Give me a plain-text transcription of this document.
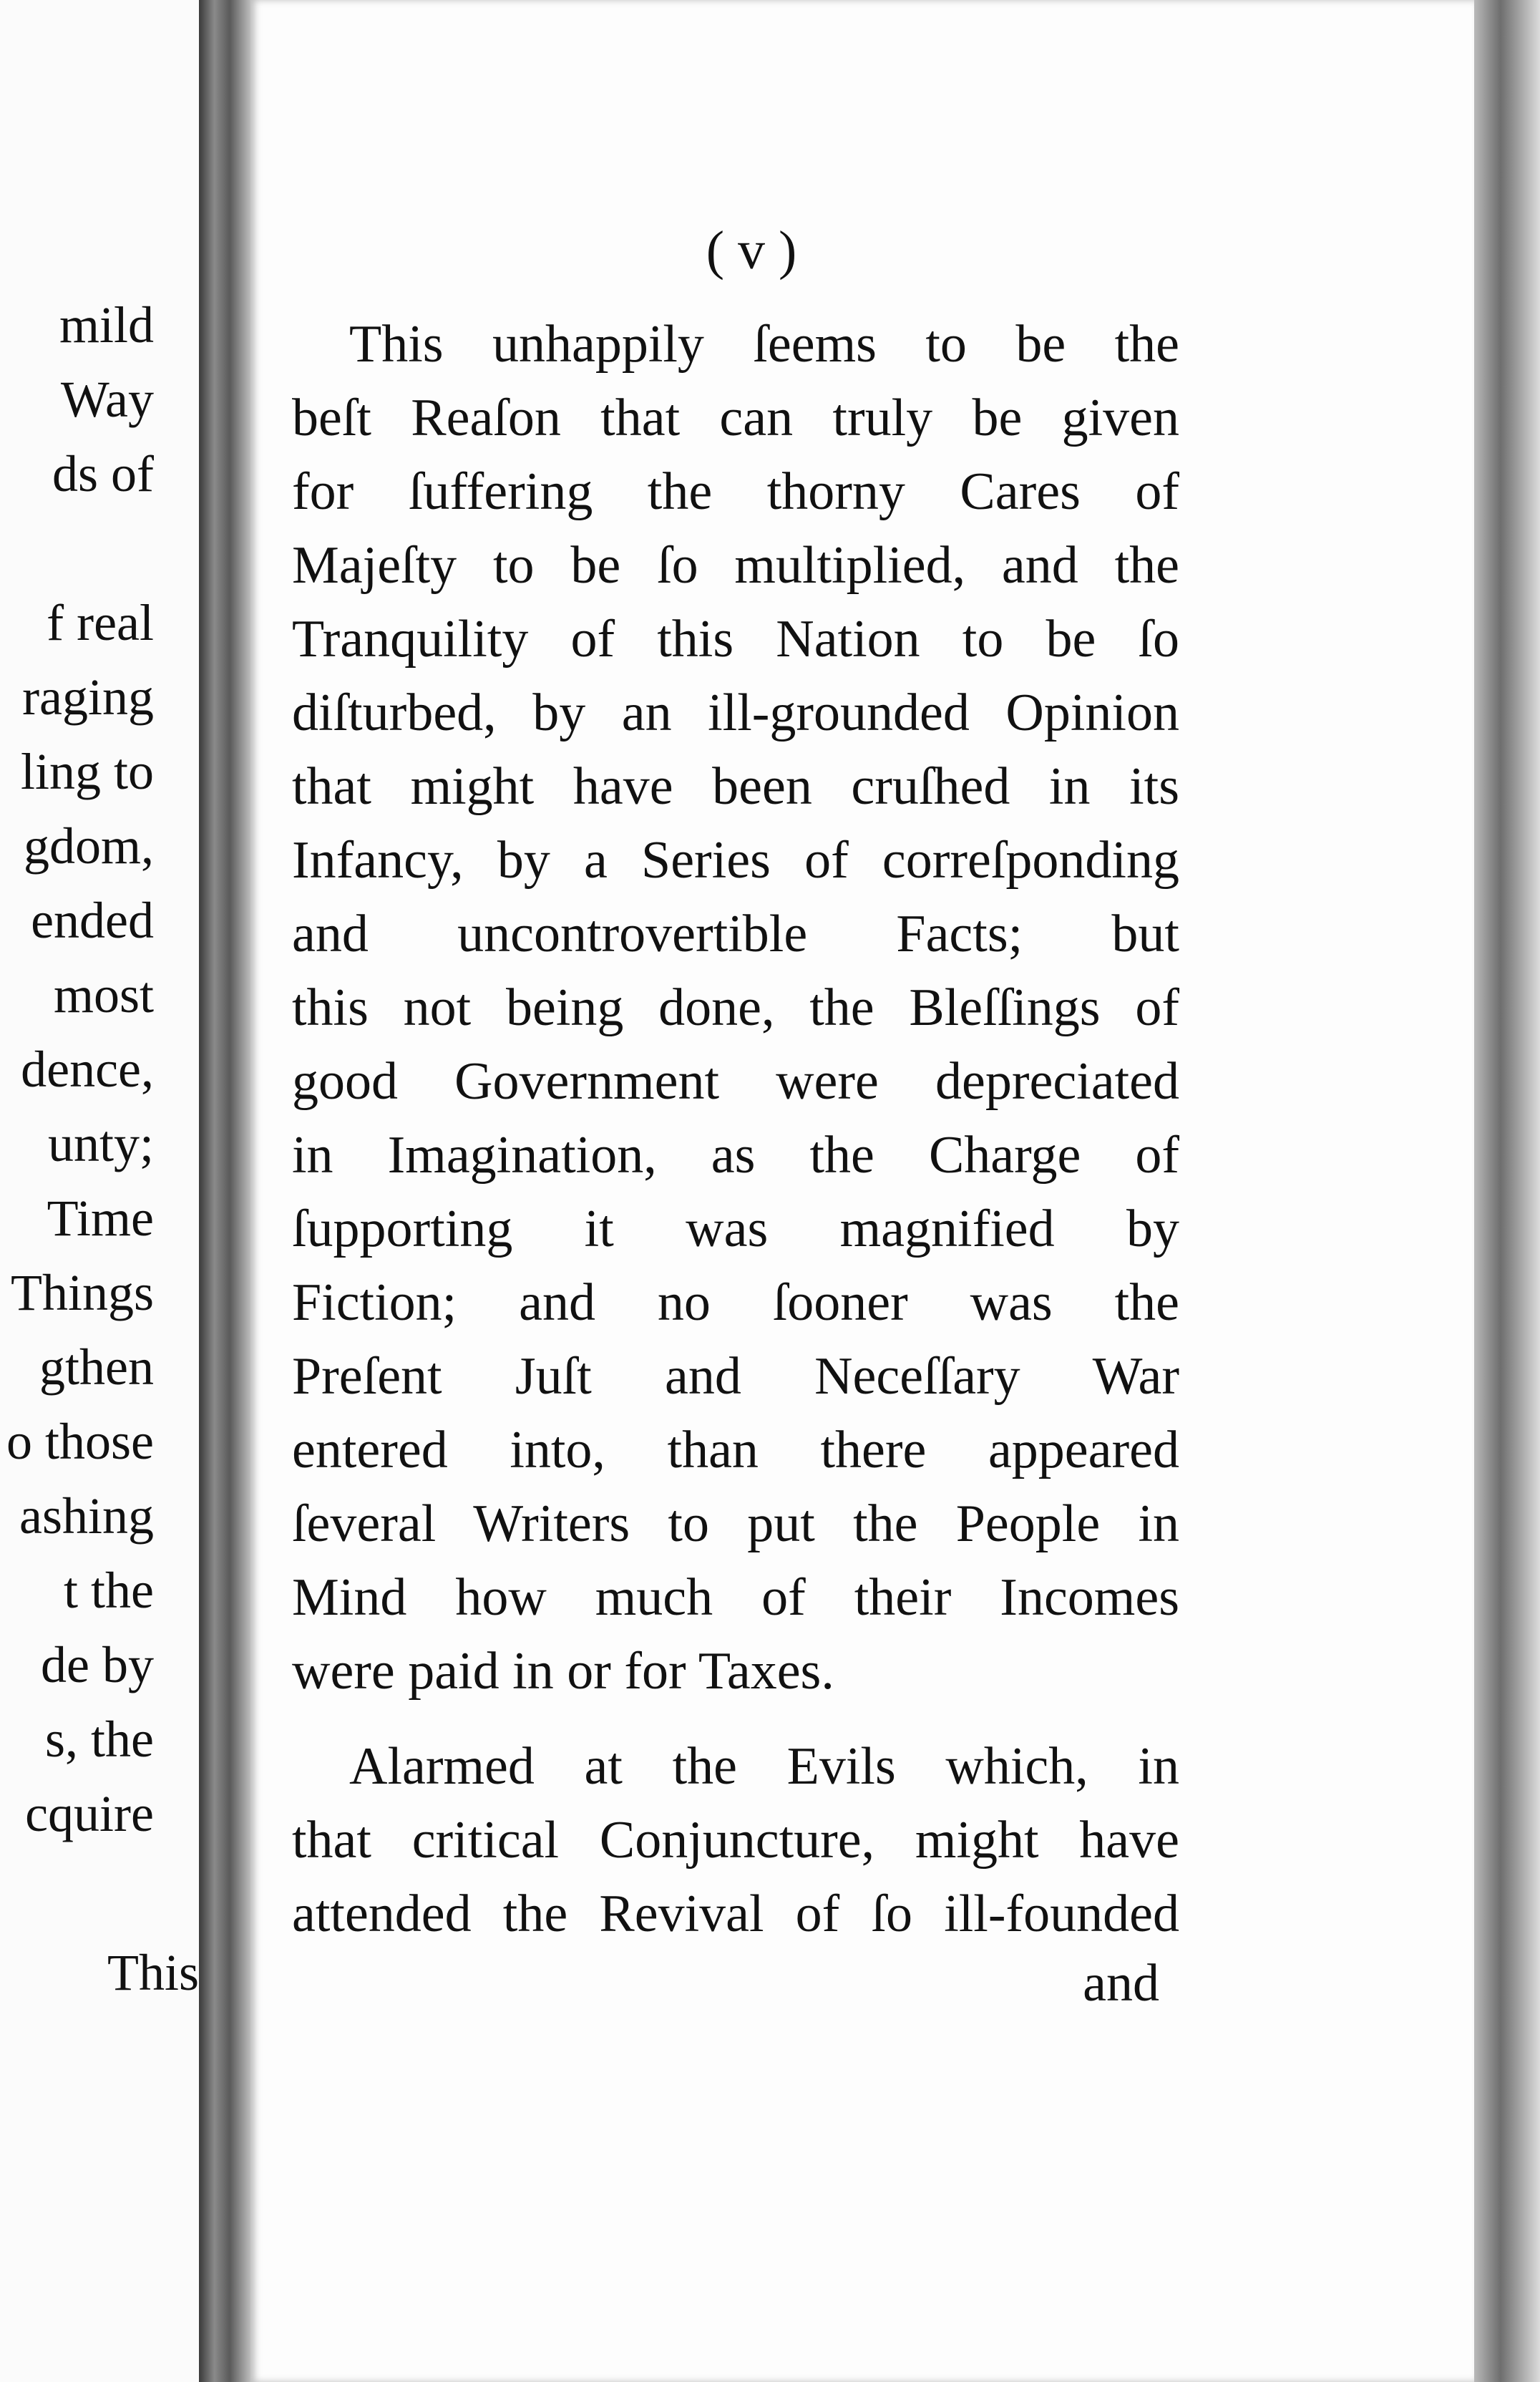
mild
Way
ds of
f real
raging
ling to
gdom,
ended
most
dence,
unty;
Time
Things
gthen
o those
ashing
t the
de by
s, the
cquire
This
( v )
This unhappily ſeems to be the
beſt Reaſon that can truly be given
for ſuffering the thorny Cares of
Majeſty to be ſo multiplied, and the
Tranquility of this Nation to be ſo
diſturbed, by an ill-grounded Opinion
that might have been cruſhed in its
Infancy, by a Series of correſponding
and uncontrovertible Facts; but
this not being done, the Bleſſings of
good Government were depreciated
in Imagination, as the Charge of
ſupporting it was magnified by
Fiction; and no ſooner was the
Preſent Juſt and Neceſſary War
entered into, than there appeared
ſeveral Writers to put the People in
Mind how much of their Incomes
were paid in or for Taxes.
Alarmed at the Evils which, in
that critical Conjuncture, might have
attended the Revival of ſo ill-founded
and
